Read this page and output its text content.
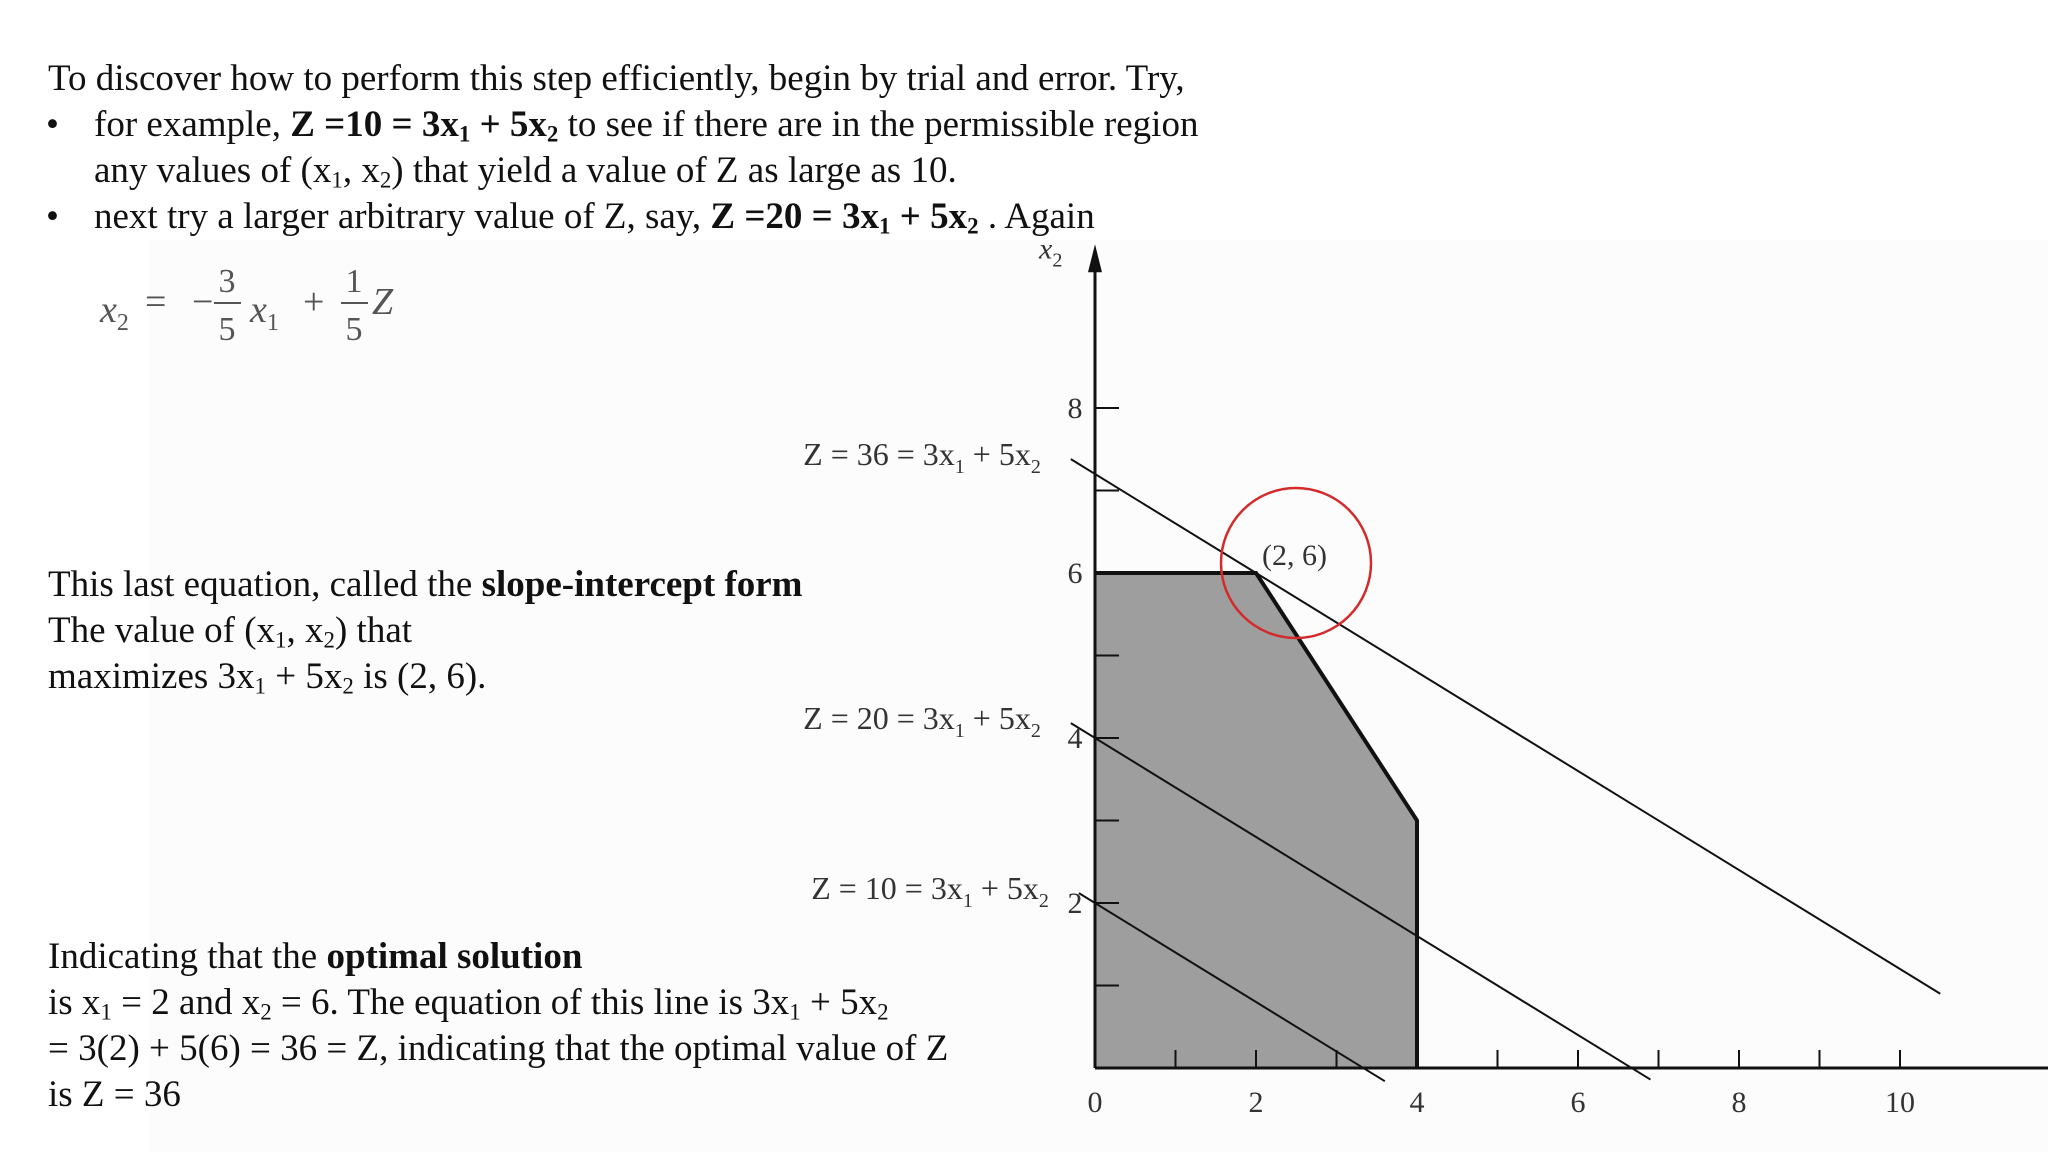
To discover how to perform this step efficiently, begin by trial and error. Try,
• for example, $Z =10 = 3x_1 + 5x_2$ to see if there are in the permissible region
any values of ($x_1$, $x_2$) that yield a value of Z as large as 10.
• next try a larger arbitrary value of Z, say, $Z =20 = 3x_1 + 5x_2$ . Again
This last equation, called the slope-intercept form
The value of ($x_1$, $x_2$) that
maximizes $3x_1 + 5x_2$ is (2, 6).
Indicating that the optimal solution
is $x_1 = 2$ and $x_2 = 6$. The equation of this line is $3x_1 + 5x_2$
= 3(2) + 5(6) = 36 = Z, indicating that the optimal value of Z
is Z = 36
$x_2$ = − 3
5 $x_1 + 1$
5
Z
0	2	4	6	8	10
2
4
6
8
$x_2$
$Z = 10 = 3x_1 + 5x_2$
$Z = 20 = 3x_1 + 5x_2$
$Z = 36 = 3x_1 + 5x_2$
(2, 6)
